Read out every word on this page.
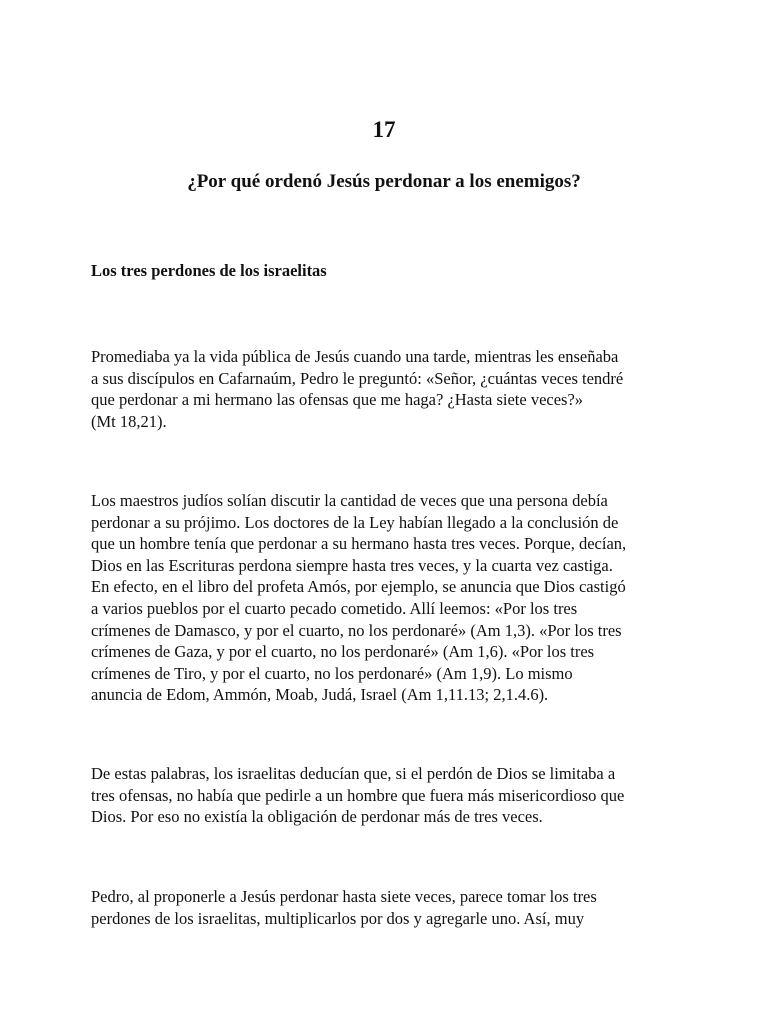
17
¿Por qué ordenó Jesús perdonar a los enemigos?
Los tres perdones de los israelitas

Promediaba ya la vida pública de Jesús cuando una tarde, mientras les enseñaba
a sus discípulos en Cafarnaúm, Pedro le preguntó: «Señor, ¿cuántas veces tendré
que perdonar a mi hermano las ofensas que me haga? ¿Hasta siete veces?»
(Mt 18,21).

Los maestros judíos solían discutir la cantidad de veces que una persona debía
perdonar a su prójimo. Los doctores de la Ley habían llegado a la conclusión de
que un hombre tenía que perdonar a su hermano hasta tres veces. Porque, decían,
Dios en las Escrituras perdona siempre hasta tres veces, y la cuarta vez castiga.
En efecto, en el libro del profeta Amós, por ejemplo, se anuncia que Dios castigó
a varios pueblos por el cuarto pecado cometido. Allí leemos: «Por los tres
crímenes de Damasco, y por el cuarto, no los perdonaré» (Am 1,3). «Por los tres
crímenes de Gaza, y por el cuarto, no los perdonaré» (Am 1,6). «Por los tres
crímenes de Tiro, y por el cuarto, no los perdonaré» (Am 1,9). Lo mismo
anuncia de Edom, Ammón, Moab, Judá, Israel (Am 1,11.13; 2,1.4.6).

De estas palabras, los israelitas deducían que, si el perdón de Dios se limitaba a
tres ofensas, no había que pedirle a un hombre que fuera más misericordioso que
Dios. Por eso no existía la obligación de perdonar más de tres veces.

Pedro, al proponerle a Jesús perdonar hasta siete veces, parece tomar los tres
perdones de los israelitas, multiplicarlos por dos y agregarle uno. Así, muy
